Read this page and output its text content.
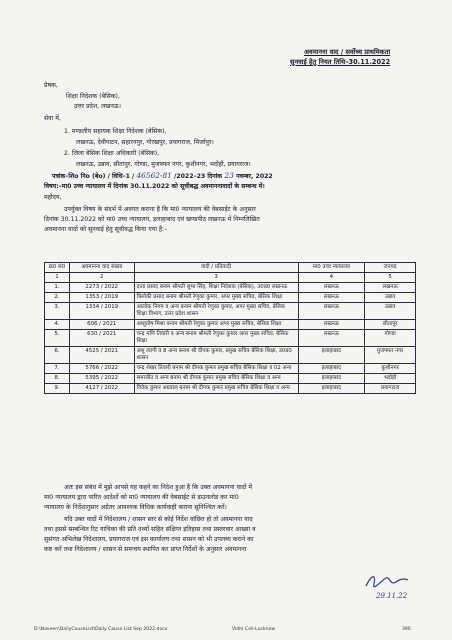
अवमानना वाद / सर्वोच्च प्राथमिकता
सुनवाई हेतु नियत तिथि–30.11.2022
प्रेषक,
शिक्षा निदेशक (बेसिक),
उत्तर प्रदेश, लखनऊ।
सेवा में,
1. मण्डलीय सहायक शिक्षा निदेशक (बेसिक),
लखनऊ, देवीपाटन, सहारनपुर, गोरखपुर, प्रयागराज, मिर्जापुर।
2. जिला बेसिक शिक्षा अधिकारी (बेसिक),
लखनऊ, उन्नाव, सीतापुर, गोण्डा, मुजफ्फर नगर, कुशीनगर, भदोही, प्रयागराज।
पत्रांक–शिo निo (बेo) / विधि–1 / 46562-81 /2022–23 दिनांक 23 नवम्बर, 2022
विषय:–मा0 उच्च न्यायालय में दिनांक 30.11.2022 को सूचीबद्ध अवमाननावादों के सम्बन्ध में।
महोदय,
उपर्युक्त विषय के संदर्भ में अवगत कराना है कि मा0 न्यायालय की वेबसाईट के अनुसार
दिनांक 30.11.2022 को मा0 उच्च न्यायालय, इलाहाबाद एवं खण्डपीठ लखनऊ में निम्नलिखित
अवमानना वादों को सुनवाई हेतु सूचीबद्ध किया गया है:–
क्र0 सं0	अवमानना वाद संख्या	वादी / प्रतिवादी	मा0 उच्च न्यायालय	जनपद
1	2	3	4	5
1.	2273 / 2022	दाता प्रसाद बनाम श्रीमती सुभा सिंह, शिक्षा निदेशक (बेसिक), उ0प्र0 लखनऊ	लखनऊ	लखनऊ
2.	1353 / 2019	त्रिलोकी प्रसाद बनाम श्रीमती रेणुका कुमार, अपर मुख्य सचिव, बेसिक शिक्षा	लखनऊ	उन्नाव
3.	1334 / 2019	आलोक निगम व अन्य बनाम श्रीमती रेणुका कुमार, अपर मुख्य सचिव, बेसिक शिक्षा विभाग, उत्तर प्रदेश शासन	लखनऊ	उन्नाव
4.	606 / 2021	आशुतोष मिश्रा बनाम श्रीमती रेणुका कुमार अपर मुख्य सचिव, बेसिक शिक्षा	लखनऊ	सीतापुर
5.	630 / 2021	चन्द्र मणि तिवारी व अन्य बनाम श्रीमती रेणुका कुमार अपर मुख्य सचिव, बेसिक शिक्षा	लखनऊ	गोण्डा
6.	4525 / 2021	अंशु त्यागी व 8 अन्य बनाम श्री दीपक कुमार, प्रमुख सचिव बेसिक शिक्षा, उ0प्र0 शासन	इलाहाबाद	मुजफ्फर नगर
7.	5766 / 2022	चन्द्र शेखर तिवारी बनाम श्री दीपक कुमार प्रमुख सचिव बेसिक शिक्षा व 02 अन्य	इलाहाबाद	कुशीनगर
8.	5395 / 2022	समाजीत व अन्य बनाम श्री दीपक कुमार प्रमुख सचिव बेसिक शिक्षा व अन्य	इलाहाबाद	भदोही
9.	4127 / 2022	विवेक कुमार अग्रवाल बनाम श्री दीपक कुमार प्रमुख सचिव बेसिक शिक्षा व अन्य	इलाहाबाद	प्रयागराज
अतः इस संबंध में मुझे आपसे यह कहने का निदेश हुआ है कि उक्त अवमानना वादों में
मा0 न्यायालय द्वारा पारित आदेशों को मा0 न्यायालय की वेबसाईट से डाउनलोड कर मा0
न्यायालय के निर्देशानुसार अग्रेतर आवश्यक विधिक कार्यवाही कराना सुनिश्चित करें।
यदि उक्त वादों में निदेशालय / शासन स्तर से कोई निर्देश वांछित हो तो अवमानना वाद
तथा इससे सम्बन्धित रिट याचिका की प्रति तथ्यों सहित संक्षिप्त इतिहास तथा प्रस्तरवार आख्या व
सुसंगत अभिलेख निदेशालय, प्रयागराज एवं इस कार्यालय तथा शासन को भी उपलब्ध कराने का
कष्ट करें तथा निदेशालय / शासन से समन्वय स्थापित कर प्राप्त निर्देशों के अनुसार अवमानना
29.11.22
D:\Naveen\DailyCauseList\Daily Cause List Sep 2022.docx	Vidhi Cell-Lucknow	396
